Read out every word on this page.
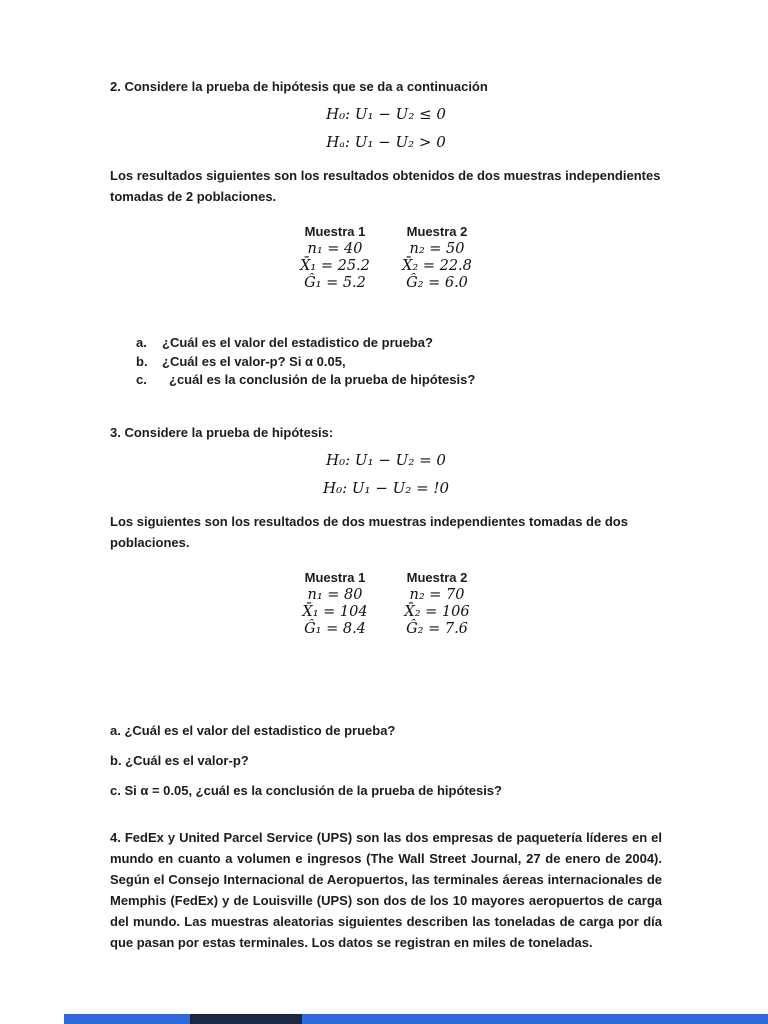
2. Considere la prueba de hipótesis que se da a continuación

H₀: U₁ − U₂ ≤ 0

Hₐ: U₁ − U₂ > 0

Los resultados siguientes son los resultados obtenidos de dos muestras independientes tomadas de 2 poblaciones.

Muestra 1	Muestra 2
n₁ = 40	n₂ = 50
X̄₁ = 25.2	X̄₂ = 22.8
Ĝ₁ = 5.2	Ĝ₂ = 6.0
a.	¿Cuál es el valor del estadistico de prueba?
b.	¿Cuál es el valor-p? Si α 0.05,
c.	¿cuál es la conclusión de la prueba de hipótesis?

3. Considere la prueba de hipótesis:

H₀: U₁ − U₂ = 0

H₀: U₁ − U₂ = !0

Los siguientes son los resultados de dos muestras independientes tomadas de dos poblaciones.

Muestra 1	Muestra 2
n₁ = 80	n₂ = 70
X̄₁ = 104	X̄₂ = 106
Ĝ₁ = 8.4	Ĝ₂ = 7.6

a. ¿Cuál es el valor del estadistico de prueba?

b. ¿Cuál es el valor-p?

c. Si α = 0.05, ¿cuál es la conclusión de la prueba de hipótesis?

4. FedEx y United Parcel Service (UPS) son las dos empresas de paquetería líderes en el mundo en cuanto a volumen e ingresos (The Wall Street Journal, 27 de enero de 2004). Según el Consejo Internacional de Aeropuertos, las terminales áereas internacionales de Memphis (FedEx) y de Louisville (UPS) son dos de los 10 mayores aeropuertos de carga del mundo. Las muestras aleatorias siguientes describen las toneladas de carga por día que pasan por estas terminales. Los datos se registran en miles de toneladas.
